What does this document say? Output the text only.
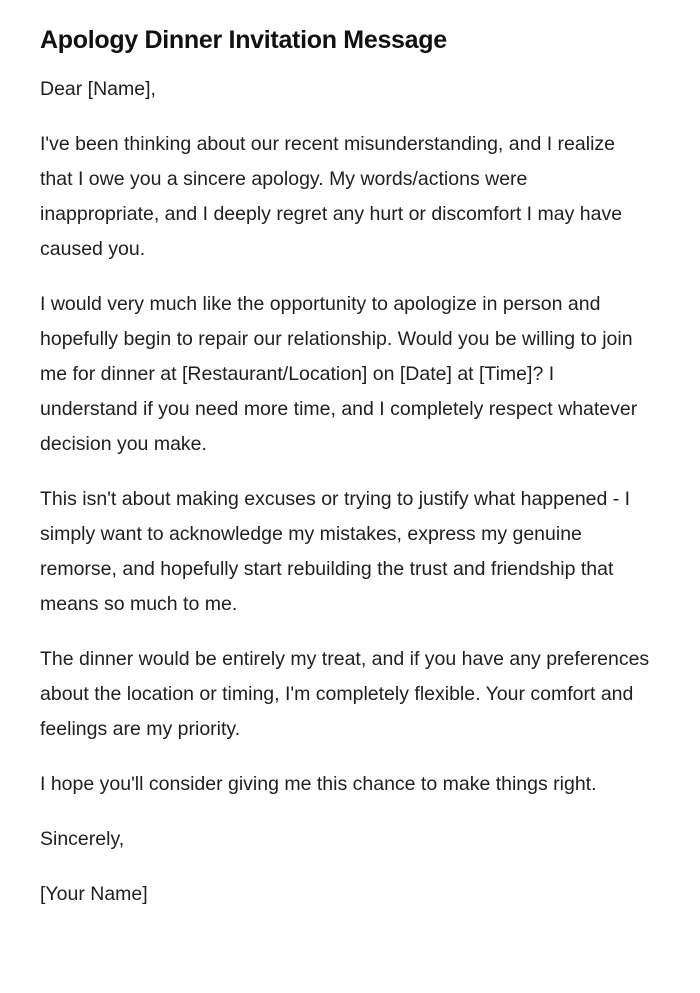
Apology Dinner Invitation Message

Dear [Name],

I've been thinking about our recent misunderstanding, and I realize that I owe you a sincere apology. My words/actions were inappropriate, and I deeply regret any hurt or discomfort I may have caused you.

I would very much like the opportunity to apologize in person and hopefully begin to repair our relationship. Would you be willing to join me for dinner at [Restaurant/Location] on [Date] at [Time]? I understand if you need more time, and I completely respect whatever decision you make.

This isn't about making excuses or trying to justify what happened - I simply want to acknowledge my mistakes, express my genuine remorse, and hopefully start rebuilding the trust and friendship that means so much to me.

The dinner would be entirely my treat, and if you have any preferences about the location or timing, I'm completely flexible. Your comfort and feelings are my priority.

I hope you'll consider giving me this chance to make things right.

Sincerely,

[Your Name]
